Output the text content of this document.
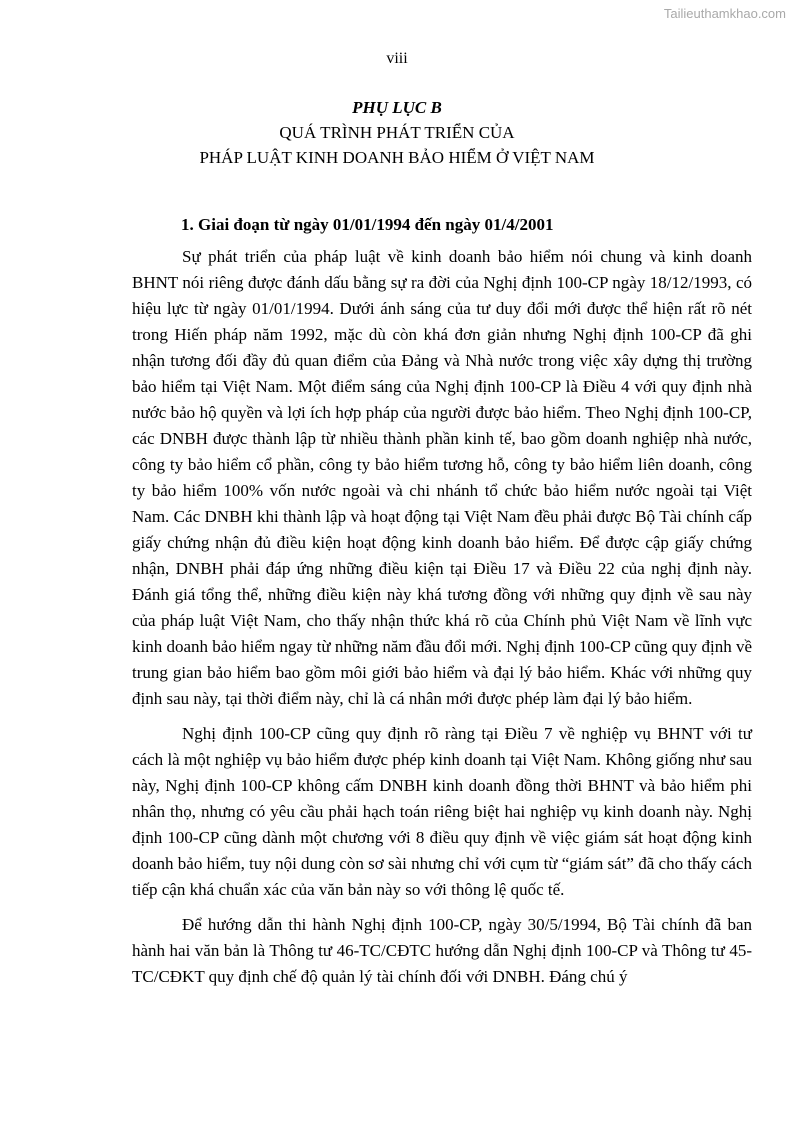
Tailieuthamkhao.com
viii
PHỤ LỤC B
QUÁ TRÌNH PHÁT TRIỂN CỦA
PHÁP LUẬT KINH DOANH BẢO HIỂM Ở VIỆT NAM
1. Giai đoạn từ ngày 01/01/1994 đến ngày 01/4/2001

Sự phát triển của pháp luật về kinh doanh bảo hiểm nói chung và kinh doanh BHNT nói riêng được đánh dấu bằng sự ra đời của Nghị định 100-CP ngày 18/12/1993, có hiệu lực từ ngày 01/01/1994. Dưới ánh sáng của tư duy đổi mới được thể hiện rất rõ nét trong Hiến pháp năm 1992, mặc dù còn khá đơn giản nhưng Nghị định 100-CP đã ghi nhận tương đối đầy đủ quan điểm của Đảng và Nhà nước trong việc xây dựng thị trường bảo hiểm tại Việt Nam. Một điểm sáng của Nghị định 100-CP là Điều 4 với quy định nhà nước bảo hộ quyền và lợi ích hợp pháp của người được bảo hiểm. Theo Nghị định 100-CP, các DNBH được thành lập từ nhiều thành phần kinh tế, bao gồm doanh nghiệp nhà nước, công ty bảo hiểm cổ phần, công ty bảo hiểm tương hỗ, công ty bảo hiểm liên doanh, công ty bảo hiểm 100% vốn nước ngoài và chi nhánh tổ chức bảo hiểm nước ngoài tại Việt Nam. Các DNBH khi thành lập và hoạt động tại Việt Nam đều phải được Bộ Tài chính cấp giấy chứng nhận đủ điều kiện hoạt động kinh doanh bảo hiểm. Để được cập giấy chứng nhận, DNBH phải đáp ứng những điều kiện tại Điều 17 và Điều 22 của nghị định này. Đánh giá tổng thể, những điều kiện này khá tương đồng với những quy định về sau này của pháp luật Việt Nam, cho thấy nhận thức khá rõ của Chính phủ Việt Nam về lĩnh vực kinh doanh bảo hiểm ngay từ những năm đầu đổi mới. Nghị định 100-CP cũng quy định về trung gian bảo hiểm bao gồm môi giới bảo hiểm và đại lý bảo hiểm. Khác với những quy định sau này, tại thời điểm này, chỉ là cá nhân mới được phép làm đại lý bảo hiểm.

Nghị định 100-CP cũng quy định rõ ràng tại Điều 7 về nghiệp vụ BHNT với tư cách là một nghiệp vụ bảo hiểm được phép kinh doanh tại Việt Nam. Không giống như sau này, Nghị định 100-CP không cấm DNBH kinh doanh đồng thời BHNT và bảo hiểm phi nhân thọ, nhưng có yêu cầu phải hạch toán riêng biệt hai nghiệp vụ kinh doanh này. Nghị định 100-CP cũng dành một chương với 8 điều quy định về việc giám sát hoạt động kinh doanh bảo hiểm, tuy nội dung còn sơ sài nhưng chỉ với cụm từ “giám sát” đã cho thấy cách tiếp cận khá chuẩn xác của văn bản này so với thông lệ quốc tế.

Để hướng dẫn thi hành Nghị định 100-CP, ngày 30/5/1994, Bộ Tài chính đã ban hành hai văn bản là Thông tư 46-TC/CĐTC hướng dẫn Nghị định 100-CP và Thông tư 45-TC/CĐKT quy định chế độ quản lý tài chính đối với DNBH. Đáng chú ý
